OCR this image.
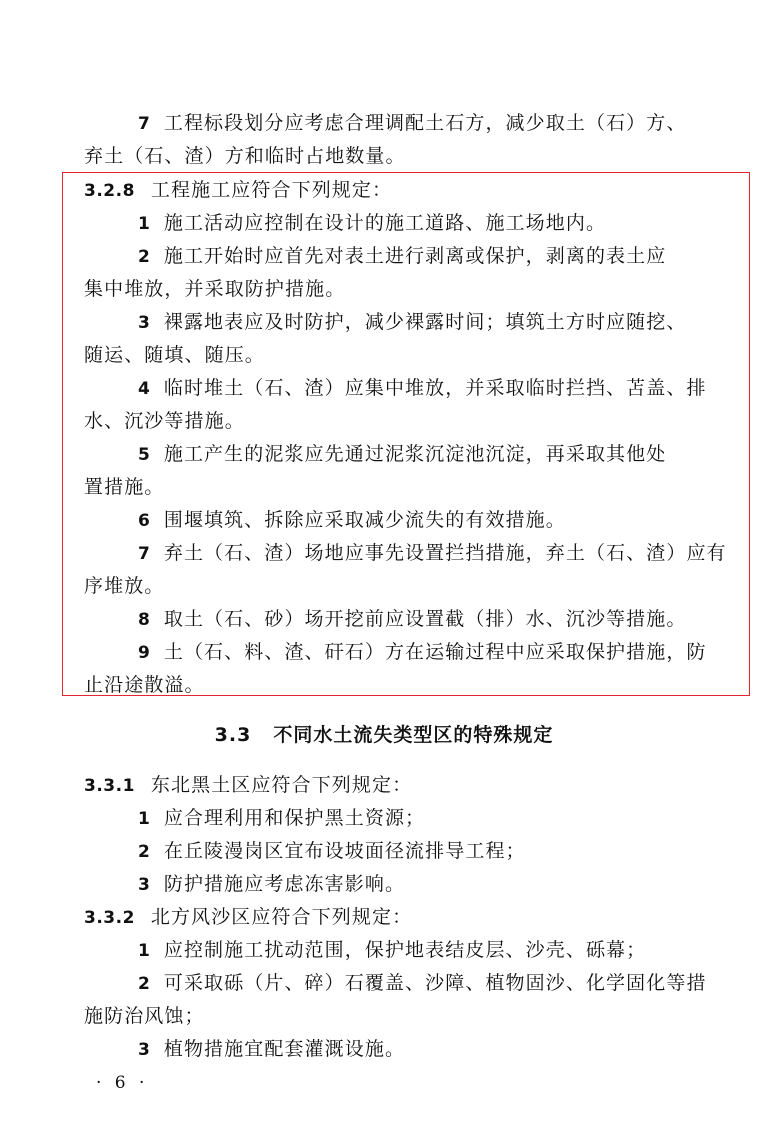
7 工程标段划分应考虑合理调配土石方，减少取土（石）方、
弃土（石、渣）方和临时占地数量。
3.2.8 工程施工应符合下列规定：
1 施工活动应控制在设计的施工道路、施工场地内。
2 施工开始时应首先对表土进行剥离或保护，剥离的表土应
集中堆放，并采取防护措施。
3 裸露地表应及时防护，减少裸露时间；填筑土方时应随挖、
随运、随填、随压。
4 临时堆土（石、渣）应集中堆放，并采取临时拦挡、苫盖、排
水、沉沙等措施。
5 施工产生的泥浆应先通过泥浆沉淀池沉淀，再采取其他处
置措施。
6 围堰填筑、拆除应采取减少流失的有效措施。
7 弃土（石、渣）场地应事先设置拦挡措施，弃土（石、渣）应有
序堆放。
8 取土（石、砂）场开挖前应设置截（排）水、沉沙等措施。
9 土（石、料、渣、矸石）方在运输过程中应采取保护措施，防
止沿途散溢。
3.3 不同水土流失类型区的特殊规定
3.3.1 东北黑土区应符合下列规定：
1 应合理利用和保护黑土资源；
2 在丘陵漫岗区宜布设坡面径流排导工程；
3 防护措施应考虑冻害影响。
3.3.2 北方风沙区应符合下列规定：
1 应控制施工扰动范围，保护地表结皮层、沙壳、砾幕；
2 可采取砾（片、碎）石覆盖、沙障、植物固沙、化学固化等措
施防治风蚀；
3 植物措施宜配套灌溉设施。
· 6 ·
